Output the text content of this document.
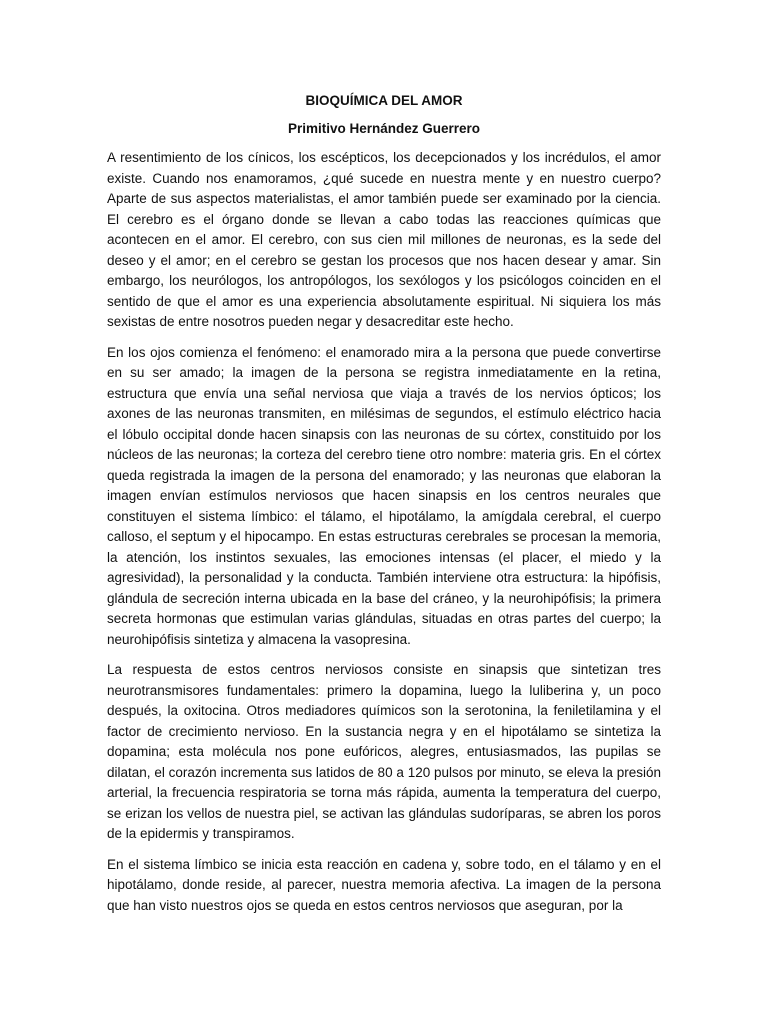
BIOQUÍMICA DEL AMOR
Primitivo Hernández Guerrero

A resentimiento de los cínicos, los escépticos, los decepcionados y los incrédulos, el amor existe. Cuando nos enamoramos, ¿qué sucede en nuestra mente y en nuestro cuerpo? Aparte de sus aspectos materialistas, el amor también puede ser examinado por la ciencia. El cerebro es el órgano donde se llevan a cabo todas las reacciones químicas que acontecen en el amor. El cerebro, con sus cien mil millones de neuronas, es la sede del deseo y el amor; en el cerebro se gestan los procesos que nos hacen desear y amar. Sin embargo, los neurólogos, los antropólogos, los sexólogos y los psicólogos coinciden en el sentido de que el amor es una experiencia absolutamente espiritual. Ni siquiera los más sexistas de entre nosotros pueden negar y desacreditar este hecho.

En los ojos comienza el fenómeno: el enamorado mira a la persona que puede convertirse en su ser amado; la imagen de la persona se registra inmediatamente en la retina, estructura que envía una señal nerviosa que viaja a través de los nervios ópticos; los axones de las neuronas transmiten, en milésimas de segundos, el estímulo eléctrico hacia el lóbulo occipital donde hacen sinapsis con las neuronas de su córtex, constituido por los núcleos de las neuronas; la corteza del cerebro tiene otro nombre: materia gris. En el córtex queda registrada la imagen de la persona del enamorado; y las neuronas que elaboran la imagen envían estímulos nerviosos que hacen sinapsis en los centros neurales que constituyen el sistema límbico: el tálamo, el hipotálamo, la amígdala cerebral, el cuerpo calloso, el septum y el hipocampo. En estas estructuras cerebrales se procesan la memoria, la atención, los instintos sexuales, las emociones intensas (el placer, el miedo y la agresividad), la personalidad y la conducta. También interviene otra estructura: la hipófisis, glándula de secreción interna ubicada en la base del cráneo, y la neurohipófisis; la primera secreta hormonas que estimulan varias glándulas, situadas en otras partes del cuerpo; la neurohipófisis sintetiza y almacena la vasopresina.

La respuesta de estos centros nerviosos consiste en sinapsis que sintetizan tres neurotransmisores fundamentales: primero la dopamina, luego la luliberina y, un poco después, la oxitocina. Otros mediadores químicos son la serotonina, la feniletilamina y el factor de crecimiento nervioso. En la sustancia negra y en el hipotálamo se sintetiza la dopamina; esta molécula nos pone eufóricos, alegres, entusiasmados, las pupilas se dilatan, el corazón incrementa sus latidos de 80 a 120 pulsos por minuto, se eleva la presión arterial, la frecuencia respiratoria se torna más rápida, aumenta la temperatura del cuerpo, se erizan los vellos de nuestra piel, se activan las glándulas sudoríparas, se abren los poros de la epidermis y transpiramos.

En el sistema límbico se inicia esta reacción en cadena y, sobre todo, en el tálamo y en el hipotálamo, donde reside, al parecer, nuestra memoria afectiva. La imagen de la persona que han visto nuestros ojos se queda en estos centros nerviosos que aseguran, por la
